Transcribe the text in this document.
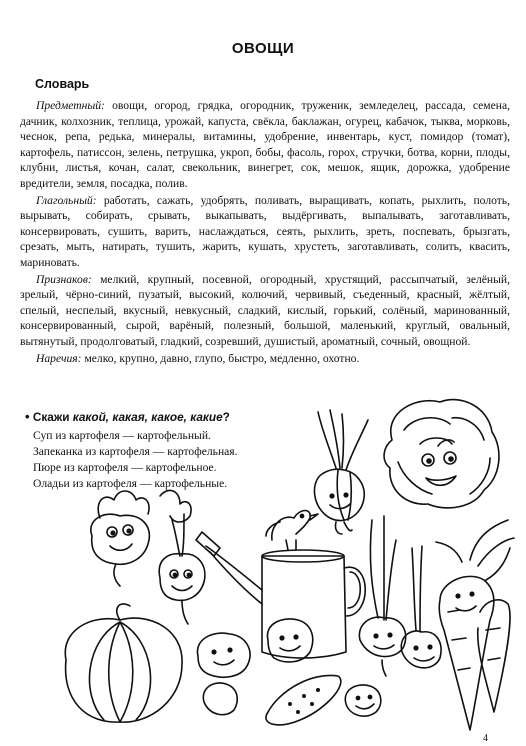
ОВОЩИ
Словарь

Предметный: овощи, огород, грядка, огородник, труженик, земледелец, рассада, семена, дачник, колхозник, теплица, урожай, капуста, свёкла, баклажан, огурец, кабачок, тыква, морковь, чеснок, репа, редька, минералы, витамины, удобрение, инвентарь, куст, помидор (томат), картофель, патиссон, зелень, петрушка, укроп, бобы, фасоль, горох, стручки, ботва, корни, плоды, клубни, листья, кочан, салат, свекольник, винегрет, сок, мешок, ящик, дорожка, удобрение вредители, земля, посадка, полив.

Глагольный: работать, сажать, удобрять, поливать, выращивать, копать, рыхлить, полоть, вырывать, собирать, срывать, выкапывать, выдёргивать, выпалывать, заготавливать, консервировать, сушить, варить, наслаждаться, сеять, рыхлить, зреть, поспевать, брызгать, срезать, мыть, натирать, тушить, жарить, кушать, хрустеть, заготавливать, солить, квасить, мариновать.

Признаков: мелкий, крупный, посевной, огородный, хрустящий, рассыпчатый, зелёный, зрелый, чёрно-синий, пузатый, высокий, колючий, червивый, съеденный, красный, жёлтый, спелый, неспелый, вкусный, невкусный, сладкий, кислый, горький, солёный, маринованный, консервированный, сырой, варёный, полезный, большой, маленький, круглый, овальный, вытянутый, продолговатый, гладкий, созревший, душистый, ароматный, сочный, овощной.

Наречия: мелко, крупно, давно, глупо, быстро, медленно, охотно.

• Скажи какой, какая, какое, какие?
Суп из картофеля — картофельный.
Запеканка из картофеля — картофельная.
Пюре из картофеля — картофельное.
Оладьи из картофеля — картофельные.
4
